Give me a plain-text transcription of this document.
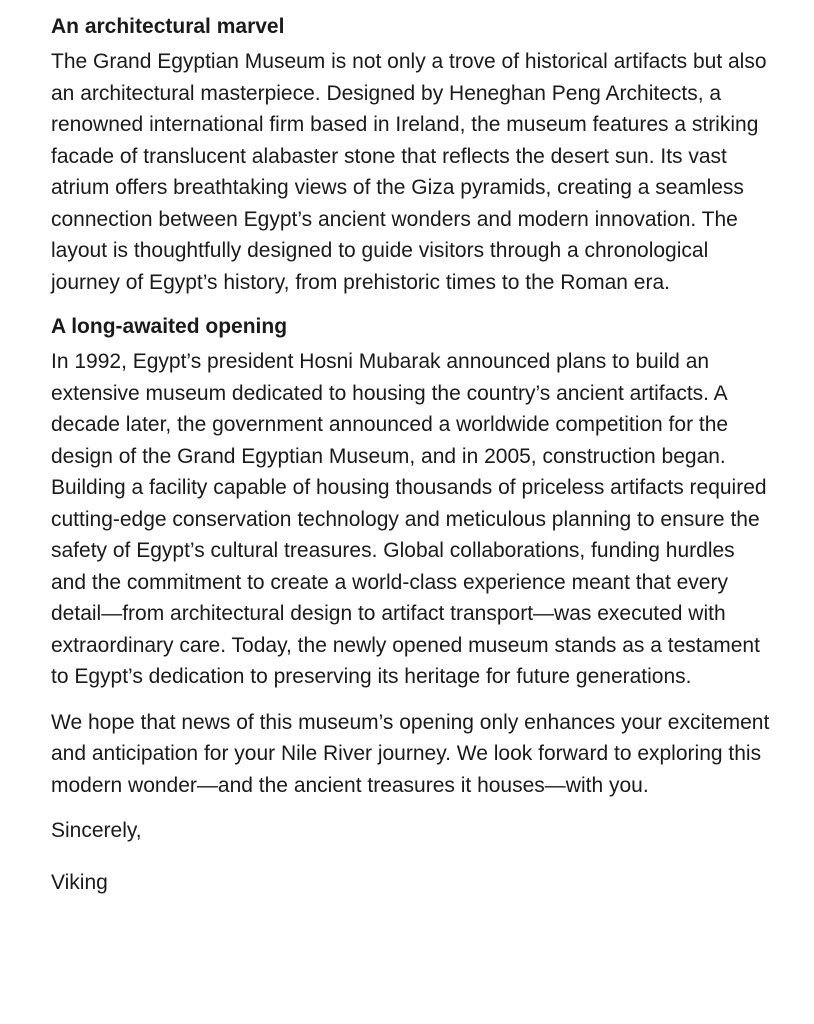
An architectural marvel

The Grand Egyptian Museum is not only a trove of historical artifacts but also an architectural masterpiece. Designed by Heneghan Peng Architects, a renowned international firm based in Ireland, the museum features a striking facade of translucent alabaster stone that reflects the desert sun. Its vast atrium offers breathtaking views of the Giza pyramids, creating a seamless connection between Egypt’s ancient wonders and modern innovation. The layout is thoughtfully designed to guide visitors through a chronological journey of Egypt’s history, from prehistoric times to the Roman era.

A long-awaited opening

In 1992, Egypt’s president Hosni Mubarak announced plans to build an extensive museum dedicated to housing the country’s ancient artifacts. A decade later, the government announced a worldwide competition for the design of the Grand Egyptian Museum, and in 2005, construction began. Building a facility capable of housing thousands of priceless artifacts required cutting-edge conservation technology and meticulous planning to ensure the safety of Egypt’s cultural treasures. Global collaborations, funding hurdles and the commitment to create a world-class experience meant that every detail—from architectural design to artifact transport—was executed with extraordinary care. Today, the newly opened museum stands as a testament to Egypt’s dedication to preserving its heritage for future generations.

We hope that news of this museum’s opening only enhances your excitement and anticipation for your Nile River journey. We look forward to exploring this modern wonder—and the ancient treasures it houses—with you.

Sincerely,

Viking
